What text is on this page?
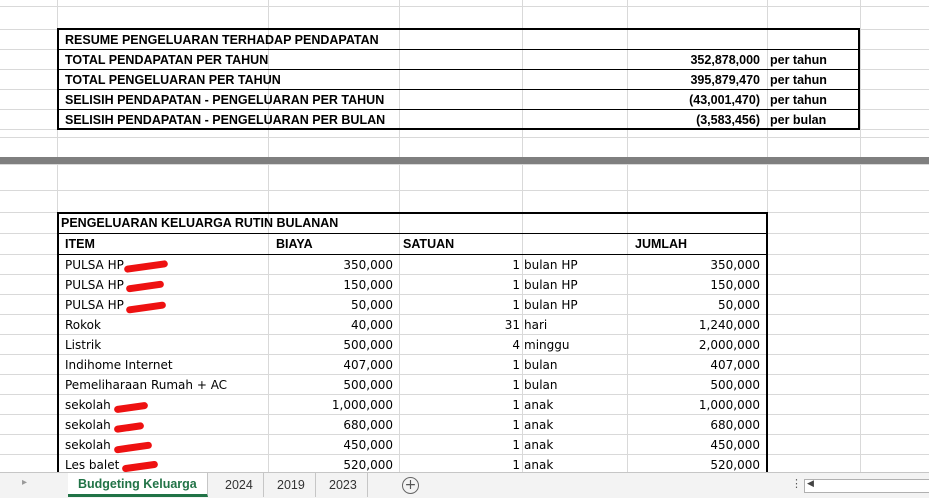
RESUME PENGELUARAN TERHADAP PENDAPATAN
TOTAL PENDAPATAN PER TAHUN	352,878,000 per tahun
TOTAL PENGELUARAN PER TAHUN	395,879,470 per tahun
SELISIH PENDAPATAN - PENGELUARAN PER TAHUN	(43,001,470) per tahun
SELISIH PENDAPATAN - PENGELUARAN PER BULAN	(3,583,456) per bulan
PENGELUARAN KELUARGA RUTIN BULANAN
ITEM	BIAYA	SATUAN	JUMLAH
PULSA HP	350,000	1 bulan HP	350,000
PULSA HP	150,000	1 bulan HP	150,000
PULSA HP	50,000	1 bulan HP	50,000
Rokok	40,000	31 hari	1,240,000
Listrik	500,000	4 minggu	2,000,000
Indihome Internet	407,000	1 bulan	407,000
Pemeliharaan Rumah + AC	500,000	1 bulan	500,000
sekolah	1,000,000	1 anak	1,000,000
sekolah	680,000	1 anak	680,000
sekolah	450,000	1 anak	450,000
Les balet	520,000	1 anak	520,000
▸	Budgeting Keluarga	2024	2019	2023	+	⋮ ◀
